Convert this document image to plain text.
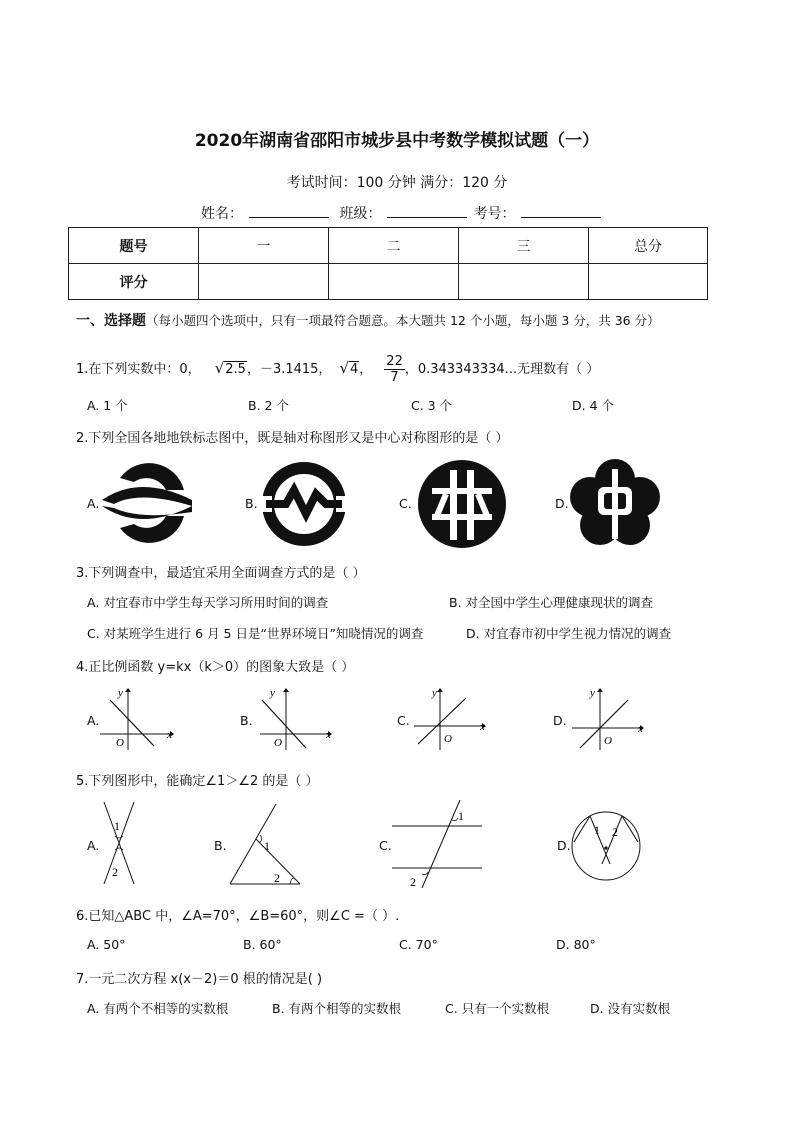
2020年湖南省邵阳市城步县中考数学模拟试题（一）
考试时间：100 分钟 满分：120 分
姓名：	班级：	考号：
题号	一	二	三	总分
评分				
一、选择题（每小题四个选项中，只有一项最符合题意。本大题共 12 个小题，每小题 3 分，共 36 分）
1.在下列实数中：0， √2.5，－3.1415， √4， $\frac{22}{7}$ ，0.343343334...无理数有（ ）
A. 1 个	B. 2 个	C. 3 个	D. 4 个
2.下列全国各地地铁标志图中，既是轴对称图形又是中心对称图形的是（ ）
A.	B.	C.	D.
3.下列调查中，最适宜采用全面调查方式的是（ ）
A. 对宜春市中学生每天学习所用时间的调查	B. 对全国中学生心理健康现状的调查
C. 对某班学生进行 6 月 5 日是“世界环境日”知晓情况的调查	D. 对宜春市初中学生视力情况的调查
4.正比例函数 y=kx（k＞0）的图象大致是（ ）
A.	B.	C.	D.
y
x
O
y
x
O
y
x
O
y
x
O
5.下列图形中，能确定∠1＞∠2 的是（ ）
A.	B.	C.	D.
1
2
1
2
1
2
1 2
6.已知△ABC 中，∠A=70°，∠B=60°，则∠C =（ ）.
A. 50°	B. 60°	C. 70°	D. 80°
7.一元二次方程 x(x－2)＝0 根的情况是( )
A. 有两个不相等的实数根	B. 有两个相等的实数根	C. 只有一个实数根	D. 没有实数根
